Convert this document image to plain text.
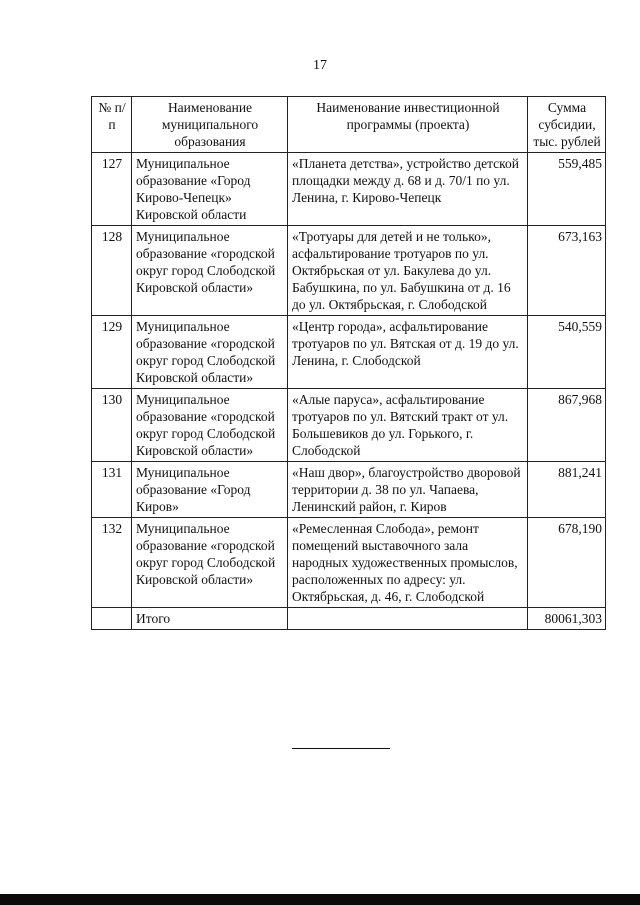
17
№ п/п	Наименование муниципального образования	Наименование инвестиционной программы (проекта)	Сумма субсидии, тыс. рублей
127	Муниципальное образование «Город Кирово-Чепецк» Кировской области	«Планета детства», устройство детской площадки между д. 68 и д. 70/1 по ул. Ленина, г. Кирово-Чепецк	559,485
128	Муниципальное образование «городской округ город Слободской Кировской области»	«Тротуары для детей и не только», асфальтирование тротуаров по ул. Октябрьская от ул. Бакулева до ул. Бабушкина, по ул. Бабушкина от д. 16 до ул. Октябрьская, г. Слободской	673,163
129	Муниципальное образование «городской округ город Слободской Кировской области»	«Центр города», асфальтирование тротуаров по ул. Вятская от д. 19 до ул. Ленина, г. Слободской	540,559
130	Муниципальное образование «городской округ город Слободской Кировской области»	«Алые паруса», асфальтирование тротуаров по ул. Вятский тракт от ул. Большевиков до ул. Горького, г. Слободской	867,968
131	Муниципальное образование «Город Киров»	«Наш двор», благоустройство дворовой территории д. 38 по ул. Чапаева, Ленинский район, г. Киров	881,241
132	Муниципальное образование «городской округ город Слободской Кировской области»	«Ремесленная Слобода», ремонт помещений выставочного зала народных художественных промыслов, расположенных по адресу: ул. Октябрьская, д. 46, г. Слободской	678,190
	Итого		80061,303
